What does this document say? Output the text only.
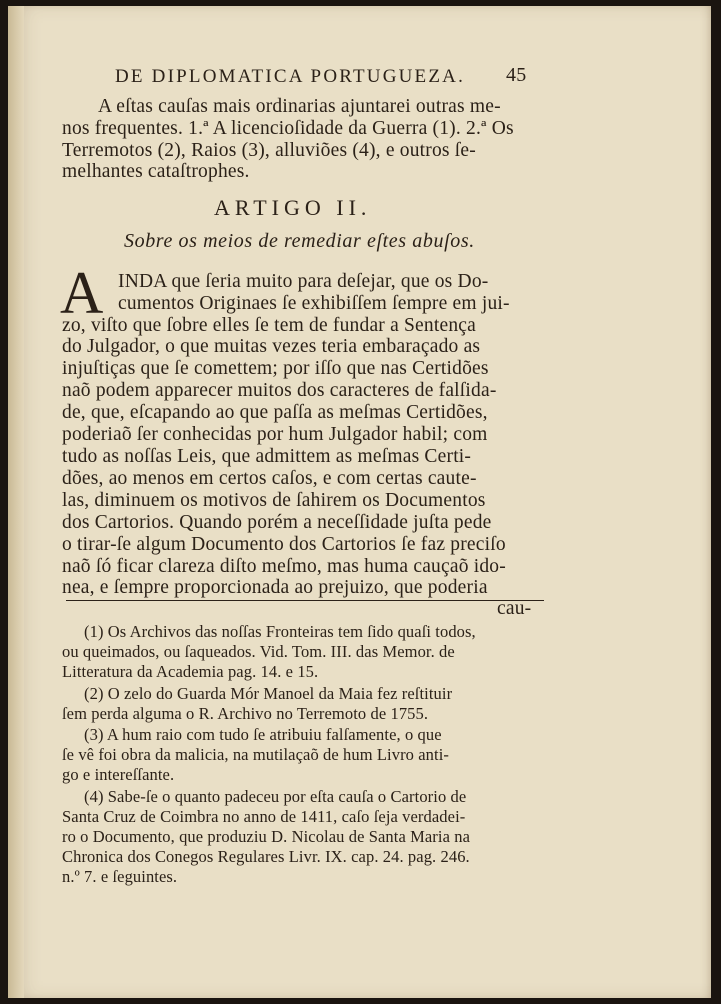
DE DIPLOMATICA PORTUGUEZA. 45
A eſtas cauſas mais ordinarias ajuntarei outras me-
nos frequentes. 1.ª A licencioſidade da Guerra (1). 2.ª Os
Terremotos (2), Raios (3), alluviões (4), e outros ſe-
melhantes cataſtrophes.
ARTIGO II.
Sobre os meios de remediar eſtes abuſos.
A INDA que ſeria muito para deſejar, que os Do-
cumentos Originaes ſe exhibiſſem ſempre em jui-
zo, viſto que ſobre elles ſe tem de fundar a Sentença
do Julgador, o que muitas vezes teria embaraçado as
injuſtiças que ſe comettem; por iſſo que nas Certidões
naõ podem apparecer muitos dos caracteres de falſida-
de, que, eſcapando ao que paſſa as meſmas Certidões,
poderiaõ ſer conhecidas por hum Julgador habil; com
tudo as noſſas Leis, que admittem as meſmas Certi-
dões, ao menos em certos caſos, e com certas caute-
las, diminuem os motivos de ſahirem os Documentos
dos Cartorios. Quando porém a neceſſidade juſta pede
o tirar-ſe algum Documento dos Cartorios ſe faz preciſo
naõ ſó ficar clareza diſto meſmo, mas huma cauçaõ ido-
nea, e ſempre proporcionada ao prejuizo, que poderia
cau-
(1) Os Archivos das noſſas Fronteiras tem ſido quaſi todos,
ou queimados, ou ſaqueados. Vid. Tom. III. das Memor. de
Litteratura da Academia pag. 14. e 15.
(2) O zelo do Guarda Mór Manoel da Maia fez reſtituir
ſem perda alguma o R. Archivo no Terremoto de 1755.
(3) A hum raio com tudo ſe atribuiu falſamente, o que
ſe vê foi obra da malicia, na mutilaçaõ de hum Livro anti-
go e intereſſante.
(4) Sabe-ſe o quanto padeceu por eſta cauſa o Cartorio de
Santa Cruz de Coimbra no anno de 1411, caſo ſeja verdadei-
ro o Documento, que produziu D. Nicolau de Santa Maria na
Chronica dos Conegos Regulares Livr. IX. cap. 24. pag. 246.
n.º 7. e ſeguintes.
